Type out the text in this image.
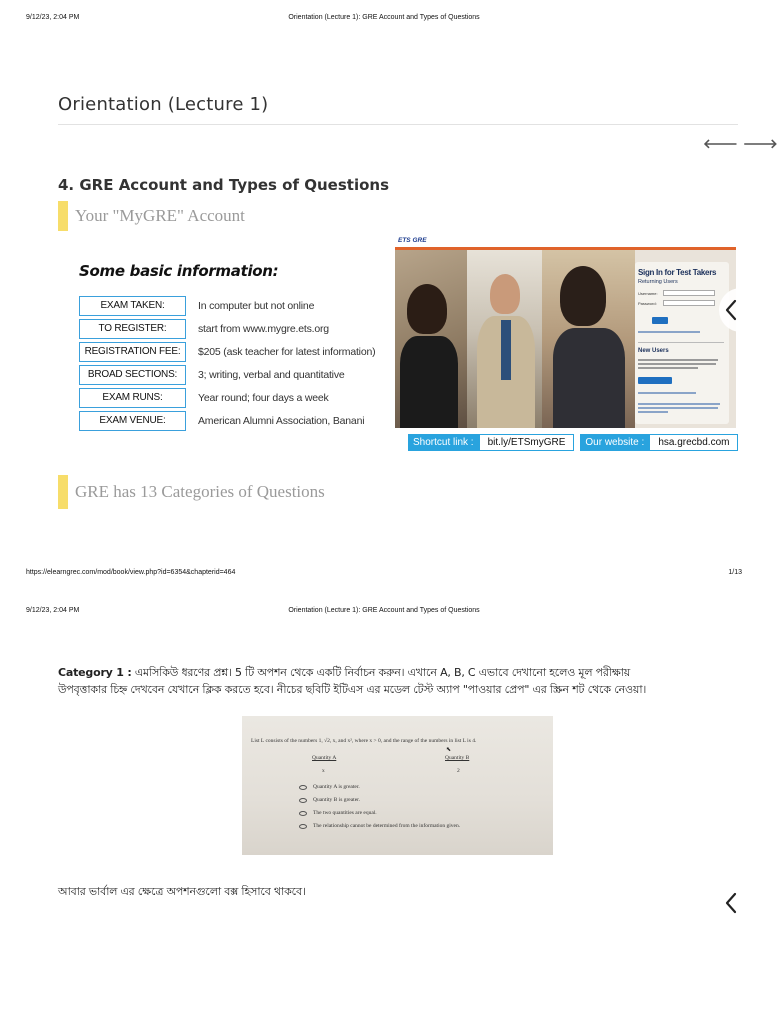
9/12/23, 2:04 PM	Orientation (Lecture 1): GRE Account and Types of Questions
Orientation (Lecture 1)
🡐 🡒
4. GRE Account and Types of Questions
Your "MyGRE" Account
Some basic information:
EXAM TAKEN:	In computer but not online
TO REGISTER:	start from www.mygre.ets.org
REGISTRATION FEE:	$205 (ask teacher for latest information)
BROAD SECTIONS:	3; writing, verbal and quantitative
EXAM RUNS:	Year round; four days a week
EXAM VENUE:	American Alumni Association, Banani
ETS GRE
Sign In for Test Takers
Returning Users
Username:
Password:
New Users
Shortcut link :	bit.ly/ETSmyGRE	Our website :	hsa.grecbd.com
GRE has 13 Categories of Questions
https://elearngrec.com/mod/book/view.php?id=6354&chapterid=464	1/13
9/12/23, 2:04 PM	Orientation (Lecture 1): GRE Account and Types of Questions
Category 1 : এমসিকিউ ধরণের প্রশ্ন। 5 টি অপশন থেকে একটি নির্বাচন করুন। এখানে A, B, C এভাবে দেখানো হলেও মূল পরীক্ষায়
উপবৃত্তাকার চিহ্ন দেখবেন যেখানে ক্লিক করতে হবে। নীচের ছবিটি ইটিএস এর মডেল টেস্ট অ্যাপ "পাওয়ার প্রেপ" এর স্ক্রিন শট থেকে নেওয়া।
List L consists of the numbers 1, √2, x, and x², where x > 0, and the range of the numbers in list L is 4.
⬉
Quantity A	Quantity B
x	2
Quantity A is greater.
Quantity B is greater.
The two quantities are equal.
The relationship cannot be determined from the information given.
আবার ভার্বাল এর ক্ষেত্রে অপশনগুলো বক্স হিসাবে থাকবে।
